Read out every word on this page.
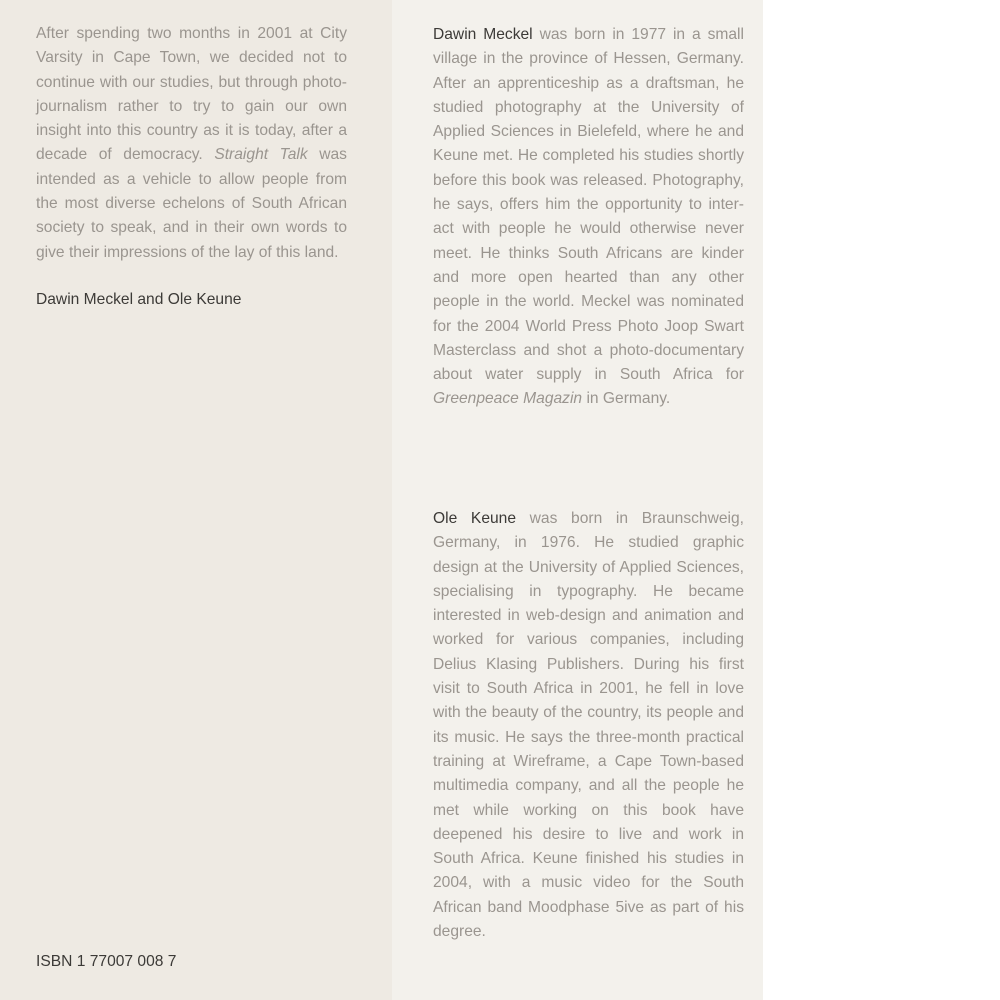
After spending two months in 2001 at City Varsity in Cape Town, we decided not to continue with our studies, but through photo-journalism rather to try to gain our own insight into this country as it is today, after a decade of democracy. Straight Talk was intended as a vehicle to allow people from the most diverse echelons of South African society to speak, and in their own words to give their impressions of the lay of this land.

Dawin Meckel and Ole Keune

Dawin Meckel was born in 1977 in a small village in the province of Hessen, Germany. After an apprenticeship as a draftsman, he studied photography at the University of Applied Sciences in Bielefeld, where he and Keune met. He completed his studies shortly before this book was released. Photography, he says, offers him the opportunity to inter- act with people he would otherwise never meet. He thinks South Africans are kinder and more open hearted than any other people in the world. Meckel was nominated for the 2004 World Press Photo Joop Swart Masterclass and shot a photo-documentary about water supply in South Africa for Greenpeace Magazin in Germany.

Ole Keune was born in Braunschweig, Germany, in 1976. He studied graphic design at the University of Applied Sciences, specialising in typography. He became interested in web-design and animation and worked for various companies, including Delius Klasing Publishers. During his first visit to South Africa in 2001, he fell in love with the beauty of the country, its people and its music. He says the three-month practical training at Wireframe, a Cape Town-based multimedia company, and all the people he met while working on this book have deepened his desire to live and work in South Africa. Keune finished his studies in 2004, with a music video for the South African band Moodphase 5ive as part of his degree.

ISBN 1 77007 008 7
